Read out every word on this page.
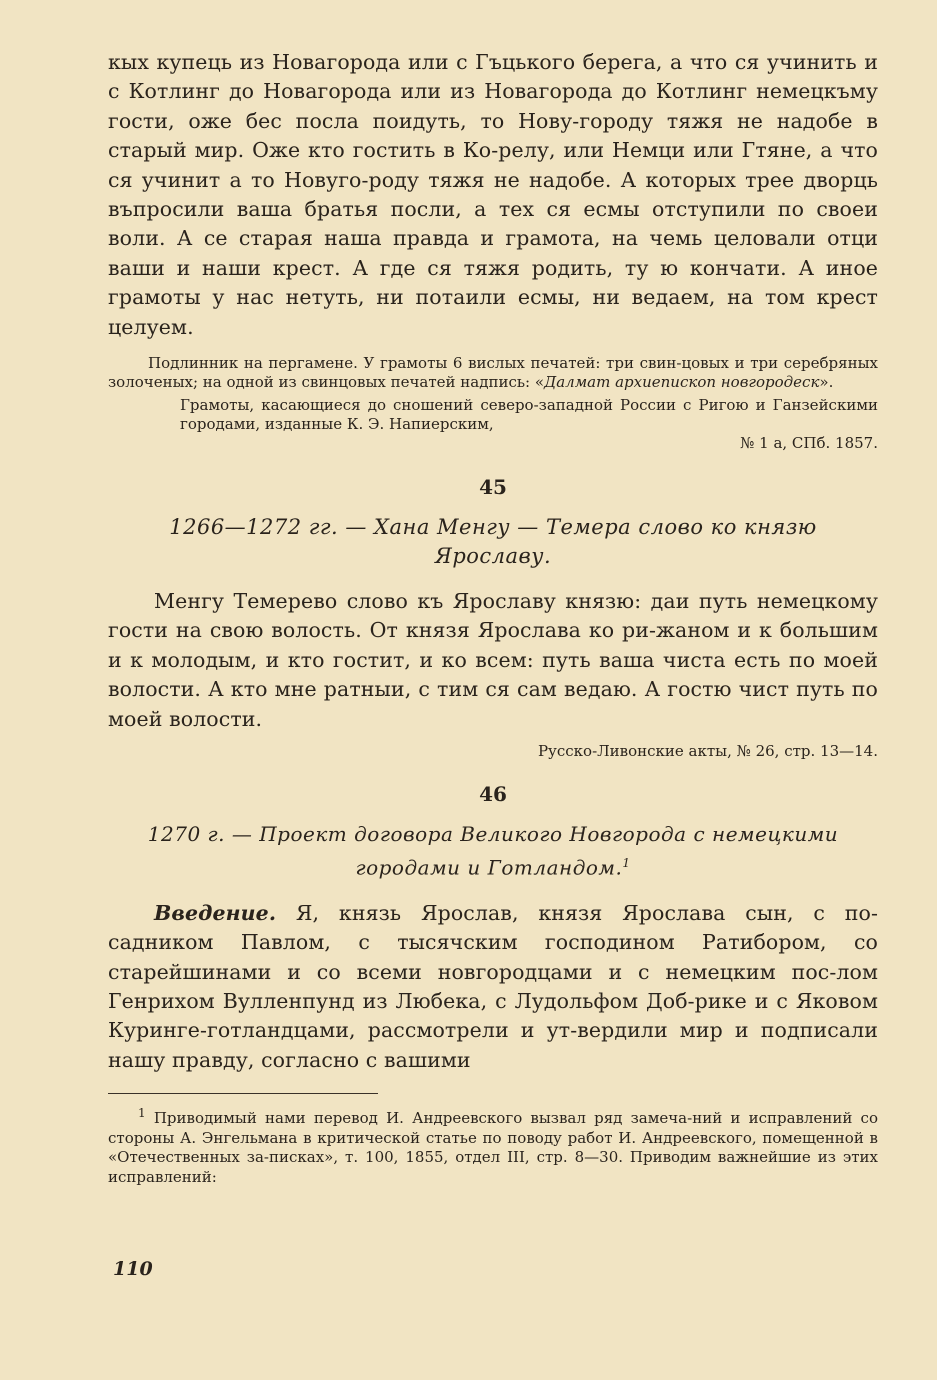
кых купець из Новагорода или с Гъцького берега, а что ся учинить и с Котлинг до Новагорода или из Новагорода до Котлинг немецкъму гости, оже бес посла поидуть, то Нову-городу тяжя не надобе в старый мир. Оже кто гостить в Ко-релу, или Немци или Гтяне, а что ся учинит а то Новуго-роду тяжя не надобе. А которых трее дворць въпросили ваша братья посли, а тех ся есмы отступили по своеи воли. А се старая наша правда и грамота, на чемь целовали отци ваши и наши крест. А где ся тяжя родить, ту ю кончати. А иное грамоты у нас нетуть, ни потаили есмы, ни ведаем, на том крест целуем.

Подлинник на пергамене. У грамоты 6 вислых печатей: три свин-цовых и три серебряных золоченых; на одной из свинцовых печатей надпись: «Далмат архиепископ новгородеск».

Грамоты, касающиеся до сношений северо-западной России с Ригою и Ганзейскими городами, изданные К. Э. Напиерским,

№ 1 а, СПб. 1857.

45
1266—1272 гг. — Хана Менгу — Темера слово ко князю
Ярославу.

Менгу Темерево слово къ Ярославу князю: даи путь немецкому гости на свою волость. От князя Ярослава ко ри-жаном и к большим и к молодым, и кто гостит, и ко всем: путь ваша чиста есть по моей волости. А кто мне ратныи, с тим ся сам ведаю. А гостю чист путь по моей волости.

Русско-Ливонские акты, № 26, стр. 13—14.

46
1270 г. — Проект договора Великого Новгорода с немецкими
городами и Готландом.$^1$

Введение. Я, князь Ярослав, князя Ярослава сын, с по-садником Павлом, с тысячским господином Ратибором, со старейшинами и со всеми новгородцами и с немецким пос-лом Генрихом Вулленпунд из Любека, с Лудольфом Доб-рике и с Яковом Курингe-готландцами, рассмотрели и ут-вердили мир и подписали нашу правду, согласно с вашими

$^1$ Приводимый нами перевод И. Андреевского вызвал ряд замеча-ний и исправлений со стороны А. Энгельмана в критической статье по поводу работ И. Андреевского, помещенной в «Отечественных за-писках», т. 100, 1855, отдел III, стр. 8—30. Приводим важнейшие из этих исправлений:

110
